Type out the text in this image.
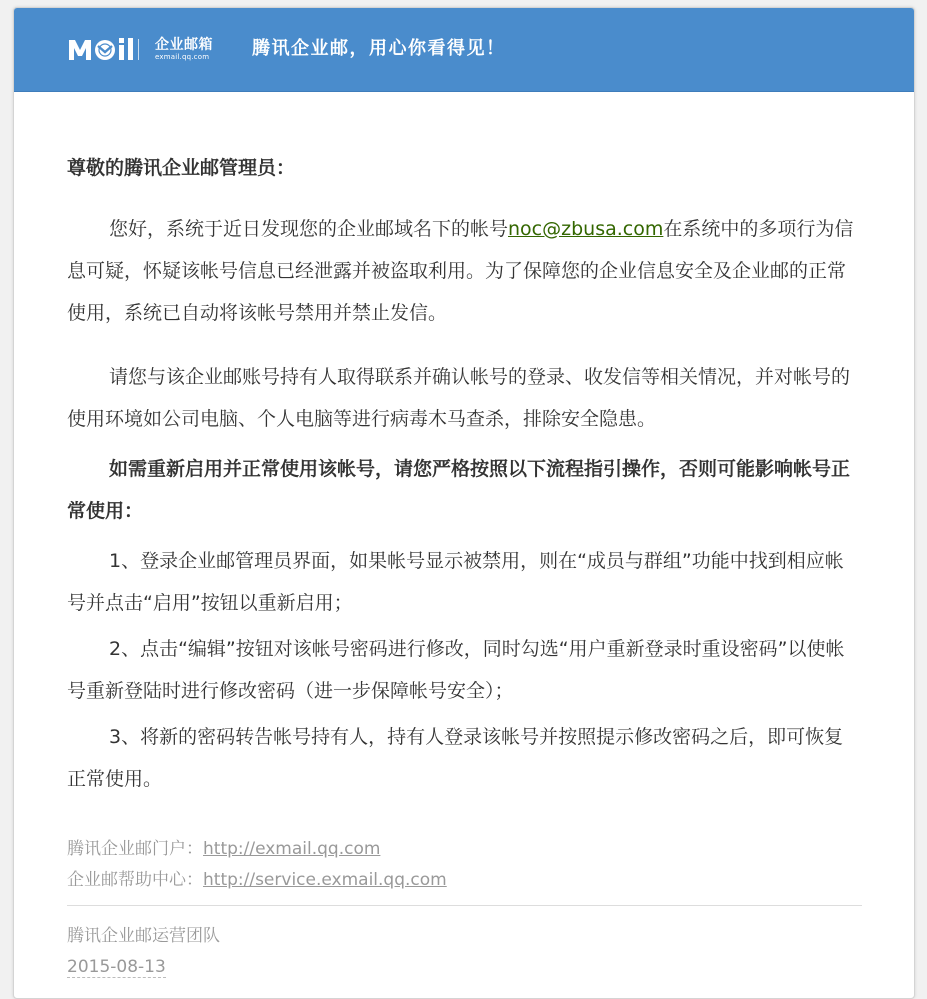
企业邮箱
exmail.qq.com 腾讯企业邮，用心你看得见！

尊敬的腾讯企业邮管理员：

您好，系统于近日发现您的企业邮域名下的帐号noc@zbusa.com在系统中的多项行为信息可疑，怀疑该帐号信息已经泄露并被盗取利用。为了保障您的企业信息安全及企业邮的正常使用，系统已自动将该帐号禁用并禁止发信。

请您与该企业邮账号持有人取得联系并确认帐号的登录、收发信等相关情况，并对帐号的使用环境如公司电脑、个人电脑等进行病毒木马查杀，排除安全隐患。

如需重新启用并正常使用该帐号，请您严格按照以下流程指引操作，否则可能影响帐号正常使用：

1、登录企业邮管理员界面，如果帐号显示被禁用，则在“成员与群组”功能中找到相应帐号并点击“启用”按钮以重新启用；

2、点击“编辑”按钮对该帐号密码进行修改，同时勾选“用户重新登录时重设密码”以使帐号重新登陆时进行修改密码（进一步保障帐号安全）；

3、将新的密码转告帐号持有人，持有人登录该帐号并按照提示修改密码之后，即可恢复正常使用。

腾讯企业邮门户：http://exmail.qq.com
企业邮帮助中心：http://service.exmail.qq.com
腾讯企业邮运营团队
2015-08-13
